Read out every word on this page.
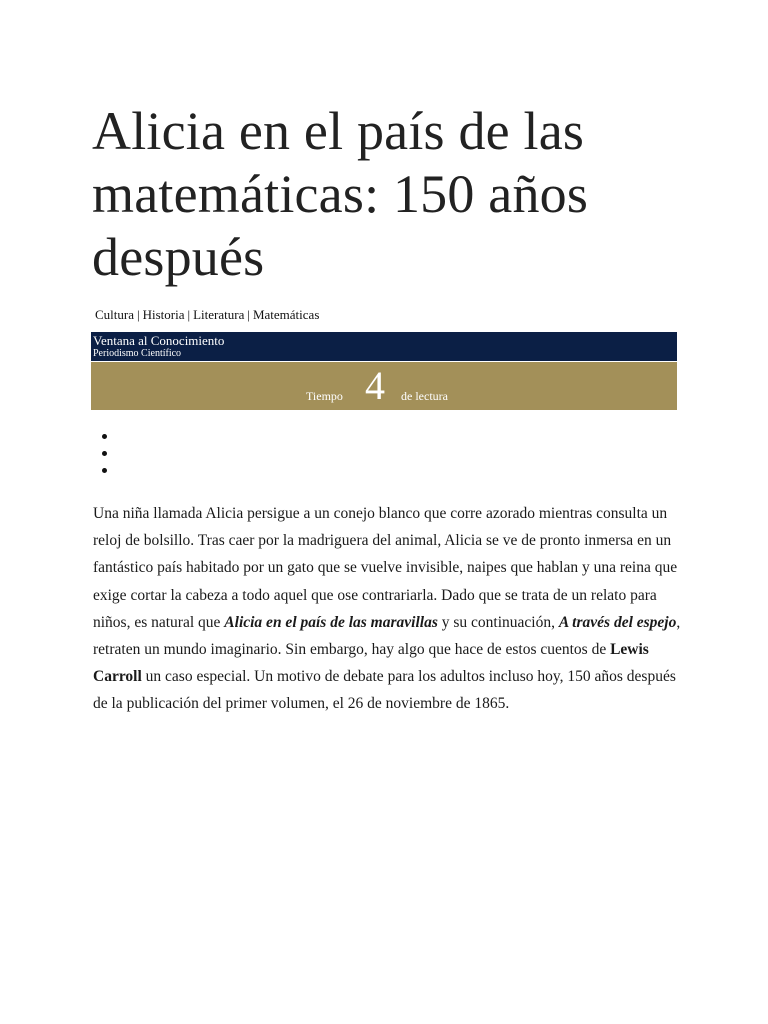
Alicia en el país de las matemáticas: 150 años después
Cultura | Historia | Literatura | Matemáticas
Ventana al Conocimiento
Periodismo Científico
Tiempo 4 de lectura

Una niña llamada Alicia persigue a un conejo blanco que corre azorado mientras consulta un reloj de bolsillo. Tras caer por la madriguera del animal, Alicia se ve de pronto inmersa en un fantástico país habitado por un gato que se vuelve invisible, naipes que hablan y una reina que exige cortar la cabeza a todo aquel que ose contrariarla. Dado que se trata de un relato para niños, es natural que Alicia en el país de las maravillas y su continuación, A través del espejo, retraten un mundo imaginario. Sin embargo, hay algo que hace de estos cuentos de Lewis Carroll un caso especial. Un motivo de debate para los adultos incluso hoy, 150 años después de la publicación del primer volumen, el 26 de noviembre de 1865.
